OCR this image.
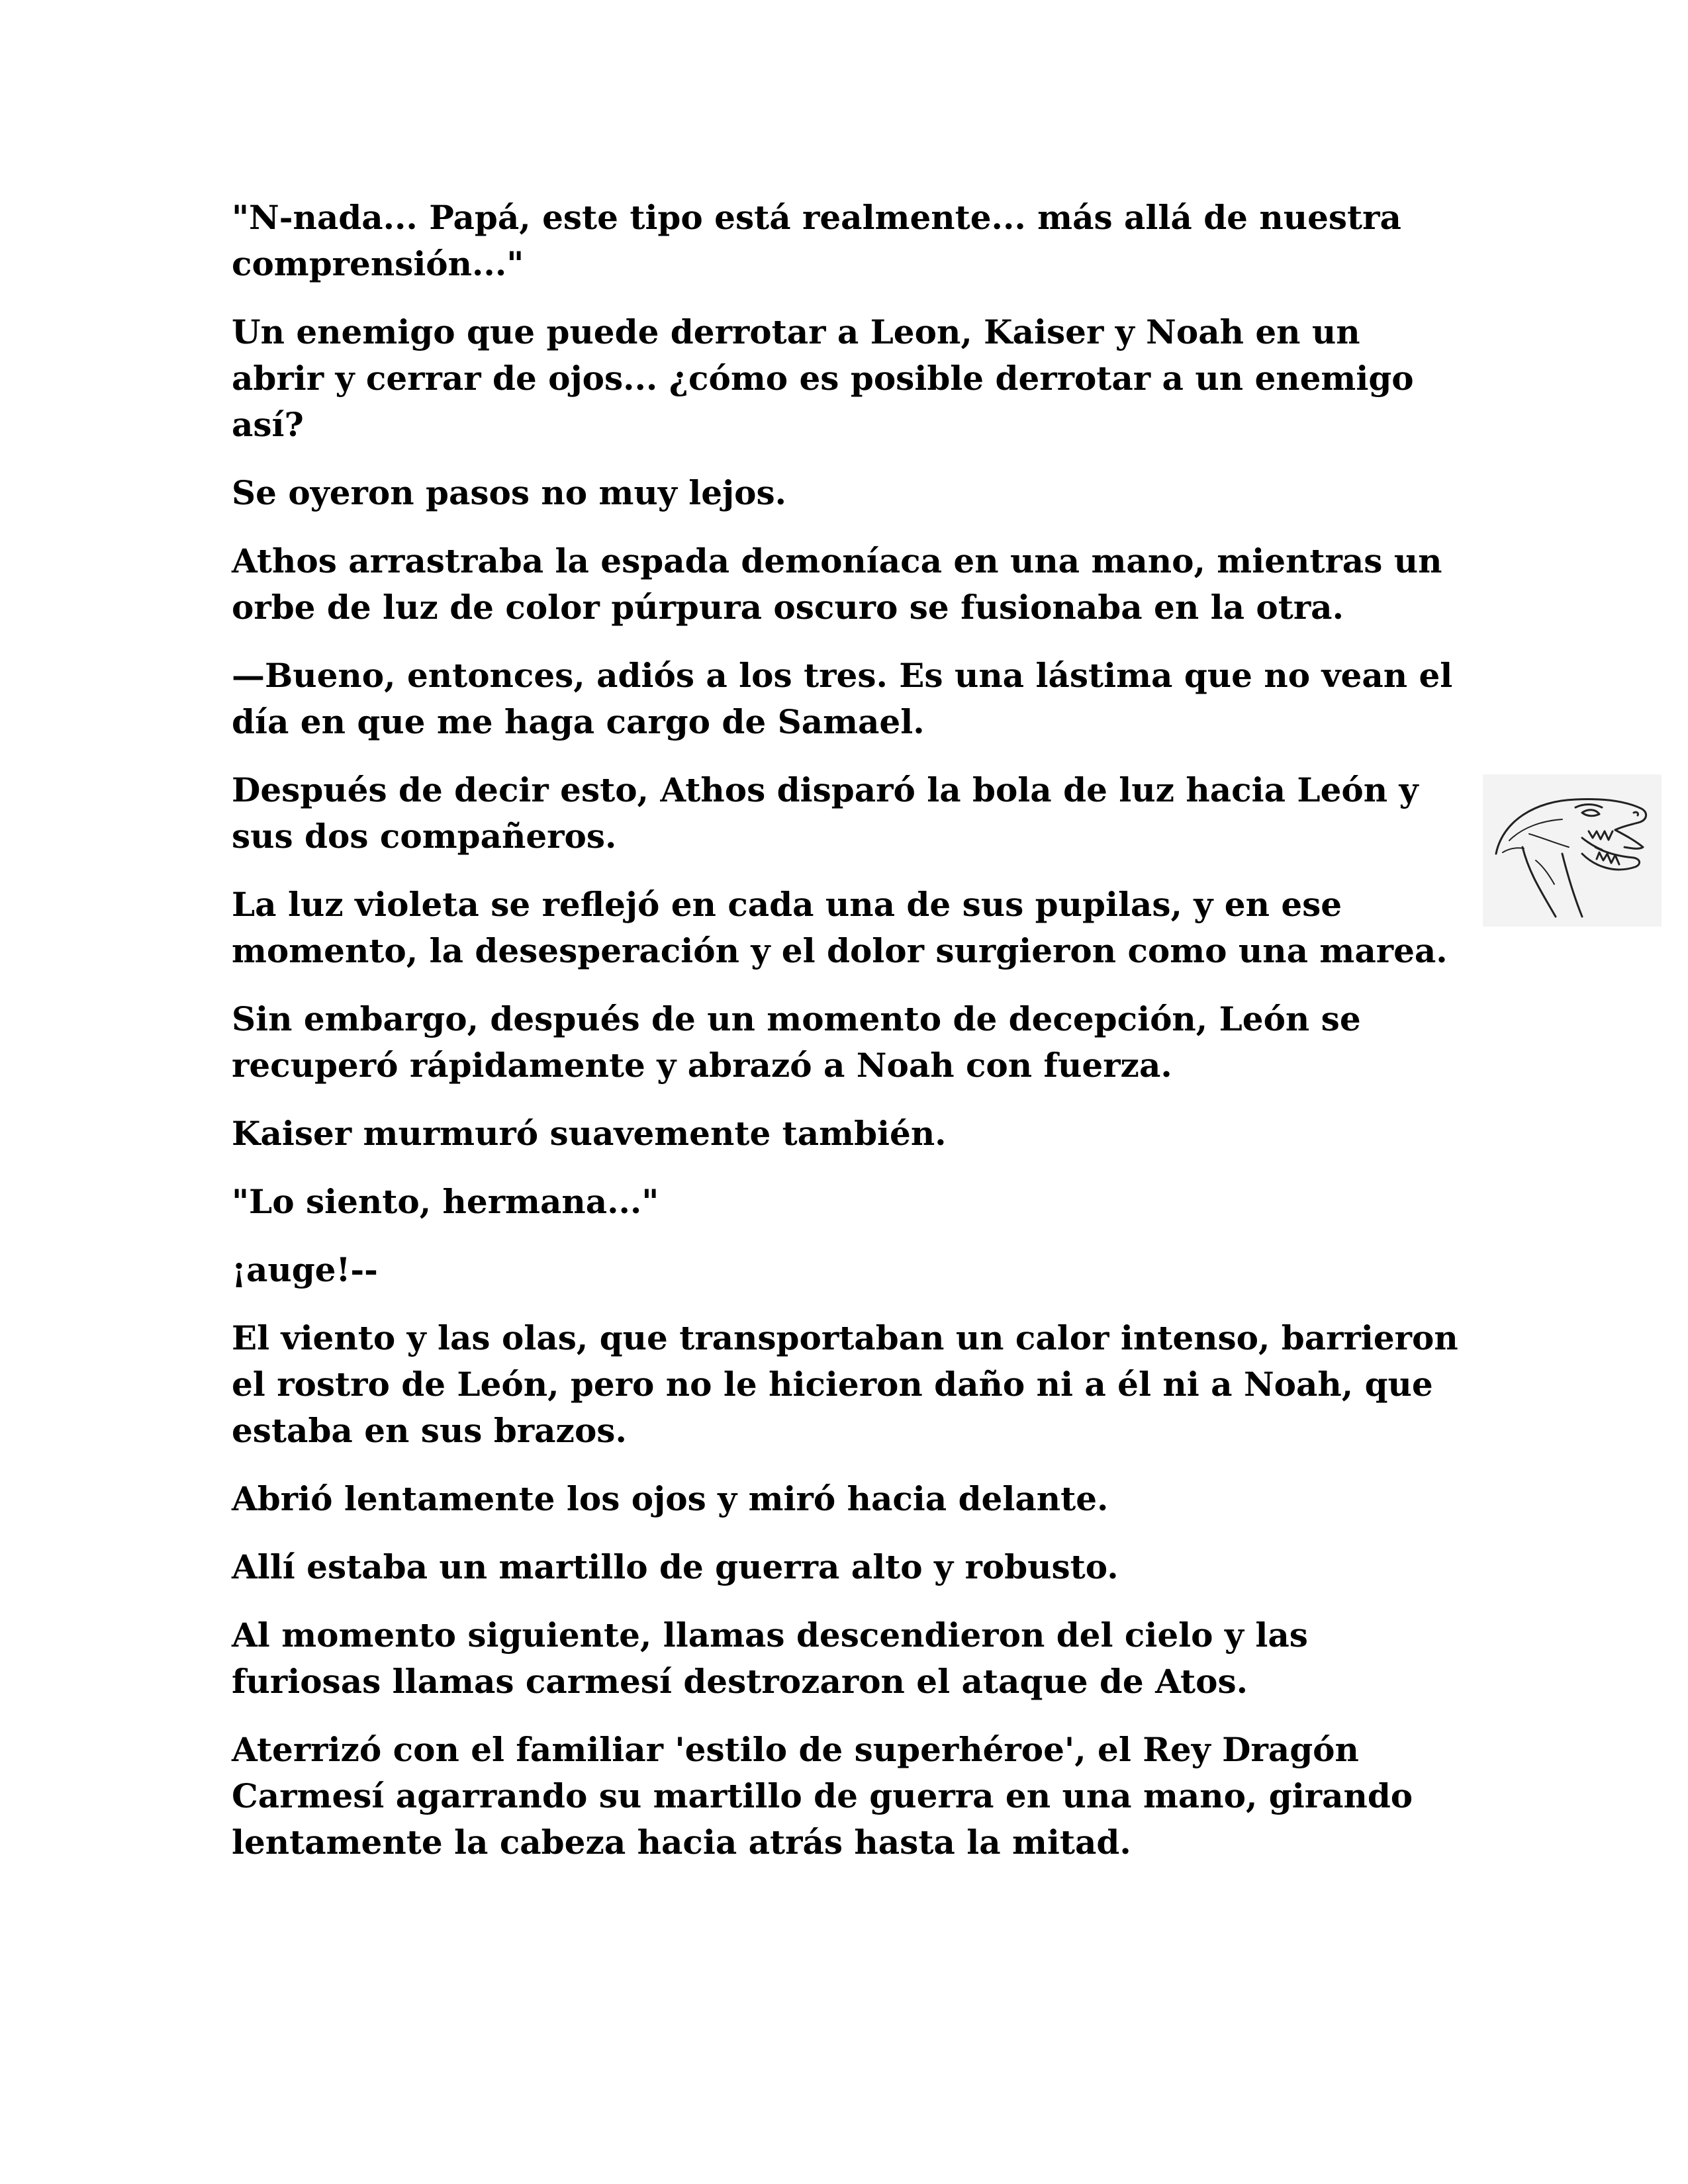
"N-nada... Papá, este tipo está realmente... más allá de nuestra comprensión..."

Un enemigo que puede derrotar a Leon, Kaiser y Noah en un abrir y cerrar de ojos... ¿cómo es posible derrotar a un enemigo así?

Se oyeron pasos no muy lejos.

Athos arrastraba la espada demoníaca en una mano, mientras un orbe de luz de color púrpura oscuro se fusionaba en la otra.

—Bueno, entonces, adiós a los tres. Es una lástima que no vean el día en que me haga cargo de Samael.

Después de decir esto, Athos disparó la bola de luz hacia León y sus dos compañeros.

La luz violeta se reflejó en cada una de sus pupilas, y en ese momento, la desesperación y el dolor surgieron como una marea.

Sin embargo, después de un momento de decepción, León se recuperó rápidamente y abrazó a Noah con fuerza.

Kaiser murmuró suavemente también.

"Lo siento, hermana..."

¡auge!--

El viento y las olas, que transportaban un calor intenso, barrieron el rostro de León, pero no le hicieron daño ni a él ni a Noah, que estaba en sus brazos.

Abrió lentamente los ojos y miró hacia delante.

Allí estaba un martillo de guerra alto y robusto.

Al momento siguiente, llamas descendieron del cielo y las furiosas llamas carmesí destrozaron el ataque de Atos.

Aterrizó con el familiar 'estilo de superhéroe', el Rey Dragón Carmesí agarrando su martillo de guerra en una mano, girando lentamente la cabeza hacia atrás hasta la mitad.
